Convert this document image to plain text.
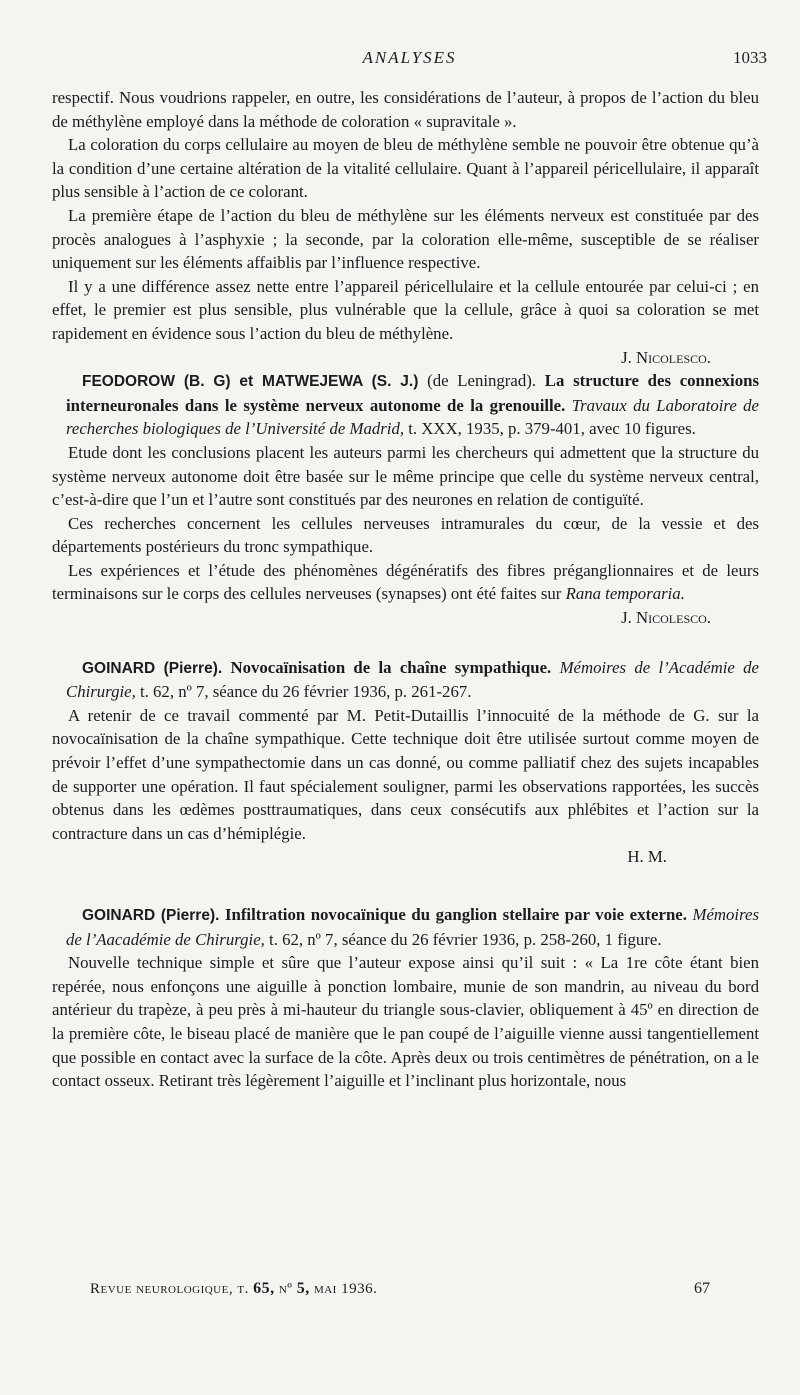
ANALYSES	1033

respectif. Nous voudrions rappeler, en outre, les considérations de l’auteur, à propos de l’action du bleu de méthylène employé dans la méthode de coloration « supravitale ».

La coloration du corps cellulaire au moyen de bleu de méthylène semble ne pouvoir être obtenue qu’à la condition d’une certaine altération de la vitalité cellulaire. Quant à l’appareil péricellulaire, il apparaît plus sensible à l’action de ce colorant.

La première étape de l’action du bleu de méthylène sur les éléments nerveux est constituée par des procès analogues à l’asphyxie ; la seconde, par la coloration elle-même, susceptible de se réaliser uniquement sur les éléments affaiblis par l’influence respective.

Il y a une différence assez nette entre l’appareil péricellulaire et la cellule entourée par celui-ci ; en effet, le premier est plus sensible, plus vulnérable que la cellule, grâce à quoi sa coloration se met rapidement en évidence sous l’action du bleu de méthylène.

J. Nicolesco.

FEODOROW (B. G) et MATWEJEWA (S. J.) (de Leningrad). La structure des connexions interneuronales dans le système nerveux autonome de la grenouille. Travaux du Laboratoire de recherches biologiques de l’Université de Madrid, t. XXX, 1935, p. 379-401, avec 10 figures.

Etude dont les conclusions placent les auteurs parmi les chercheurs qui admettent que la structure du système nerveux autonome doit être basée sur le même principe que celle du système nerveux central, c’est-à-dire que l’un et l’autre sont constitués par des neurones en relation de contiguïté.

Ces recherches concernent les cellules nerveuses intramurales du cœur, de la vessie et des départements postérieurs du tronc sympathique.

Les expériences et l’étude des phénomènes dégénératifs des fibres préganglionnaires et de leurs terminaisons sur le corps des cellules nerveuses (synapses) ont été faites sur Rana temporaria.

J. Nicolesco.

GOINARD (Pierre). Novocaïnisation de la chaîne sympathique. Mémoires de l’Académie de Chirurgie, t. 62, nº 7, séance du 26 février 1936, p. 261-267.

A retenir de ce travail commenté par M. Petit-Dutaillis l’innocuité de la méthode de G. sur la novocaïnisation de la chaîne sympathique. Cette technique doit être utilisée surtout comme moyen de prévoir l’effet d’une sympathectomie dans un cas donné, ou comme palliatif chez des sujets incapables de supporter une opération. Il faut spécialement souligner, parmi les observations rapportées, les succès obtenus dans les œdèmes posttraumatiques, dans ceux consécutifs aux phlébites et l’action sur la contracture dans un cas d’hémiplégie.

H. M.

GOINARD (Pierre). Infiltration novocaïnique du ganglion stellaire par voie externe. Mémoires de l’Aacadémie de Chirurgie, t. 62, nº 7, séance du 26 février 1936, p. 258-260, 1 figure.

Nouvelle technique simple et sûre que l’auteur expose ainsi qu’il suit : « La 1re côte étant bien repérée, nous enfonçons une aiguille à ponction lombaire, munie de son mandrin, au niveau du bord antérieur du trapèze, à peu près à mi-hauteur du triangle sous-clavier, obliquement à 45º en direction de la première côte, le biseau placé de manière que le pan coupé de l’aiguille vienne aussi tangentiellement que possible en contact avec la surface de la côte. Après deux ou trois centimètres de pénétration, on a le contact osseux. Retirant très légèrement l’aiguille et l’inclinant plus horizontale, nous

Revue neurologique, t. 65, nº 5, mai 1936.	67
